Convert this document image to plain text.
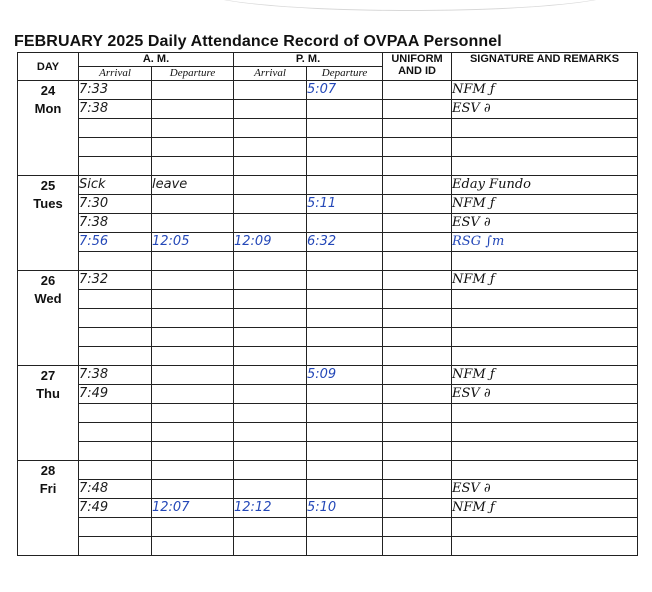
FEBRUARY 2025 Daily Attendance Record of OVPAA Personnel
DAY	A. M.		P. M.		UNIFORM AND ID	SIGNATURE AND REMARKS
	Arrival	Departure	Arrival	Departure		

24
Mon	7:33			5:07		NFM ƒ
	7:38					ESV ∂

25
Tues	Sick	leave				Eday Fundo
	7:30			5:11		NFM ƒ
	7:38					ESV ∂
	7:56	12:05	12:09	6:32		RSG ∫m

26
Wed	7:32					NFM ƒ

27
Thu	7:38			5:09		NFM ƒ
	7:49					ESV ∂

28
Fri						

	7:48					ESV ∂
	7:49	12:07	12:12	5:10		NFM ƒ
